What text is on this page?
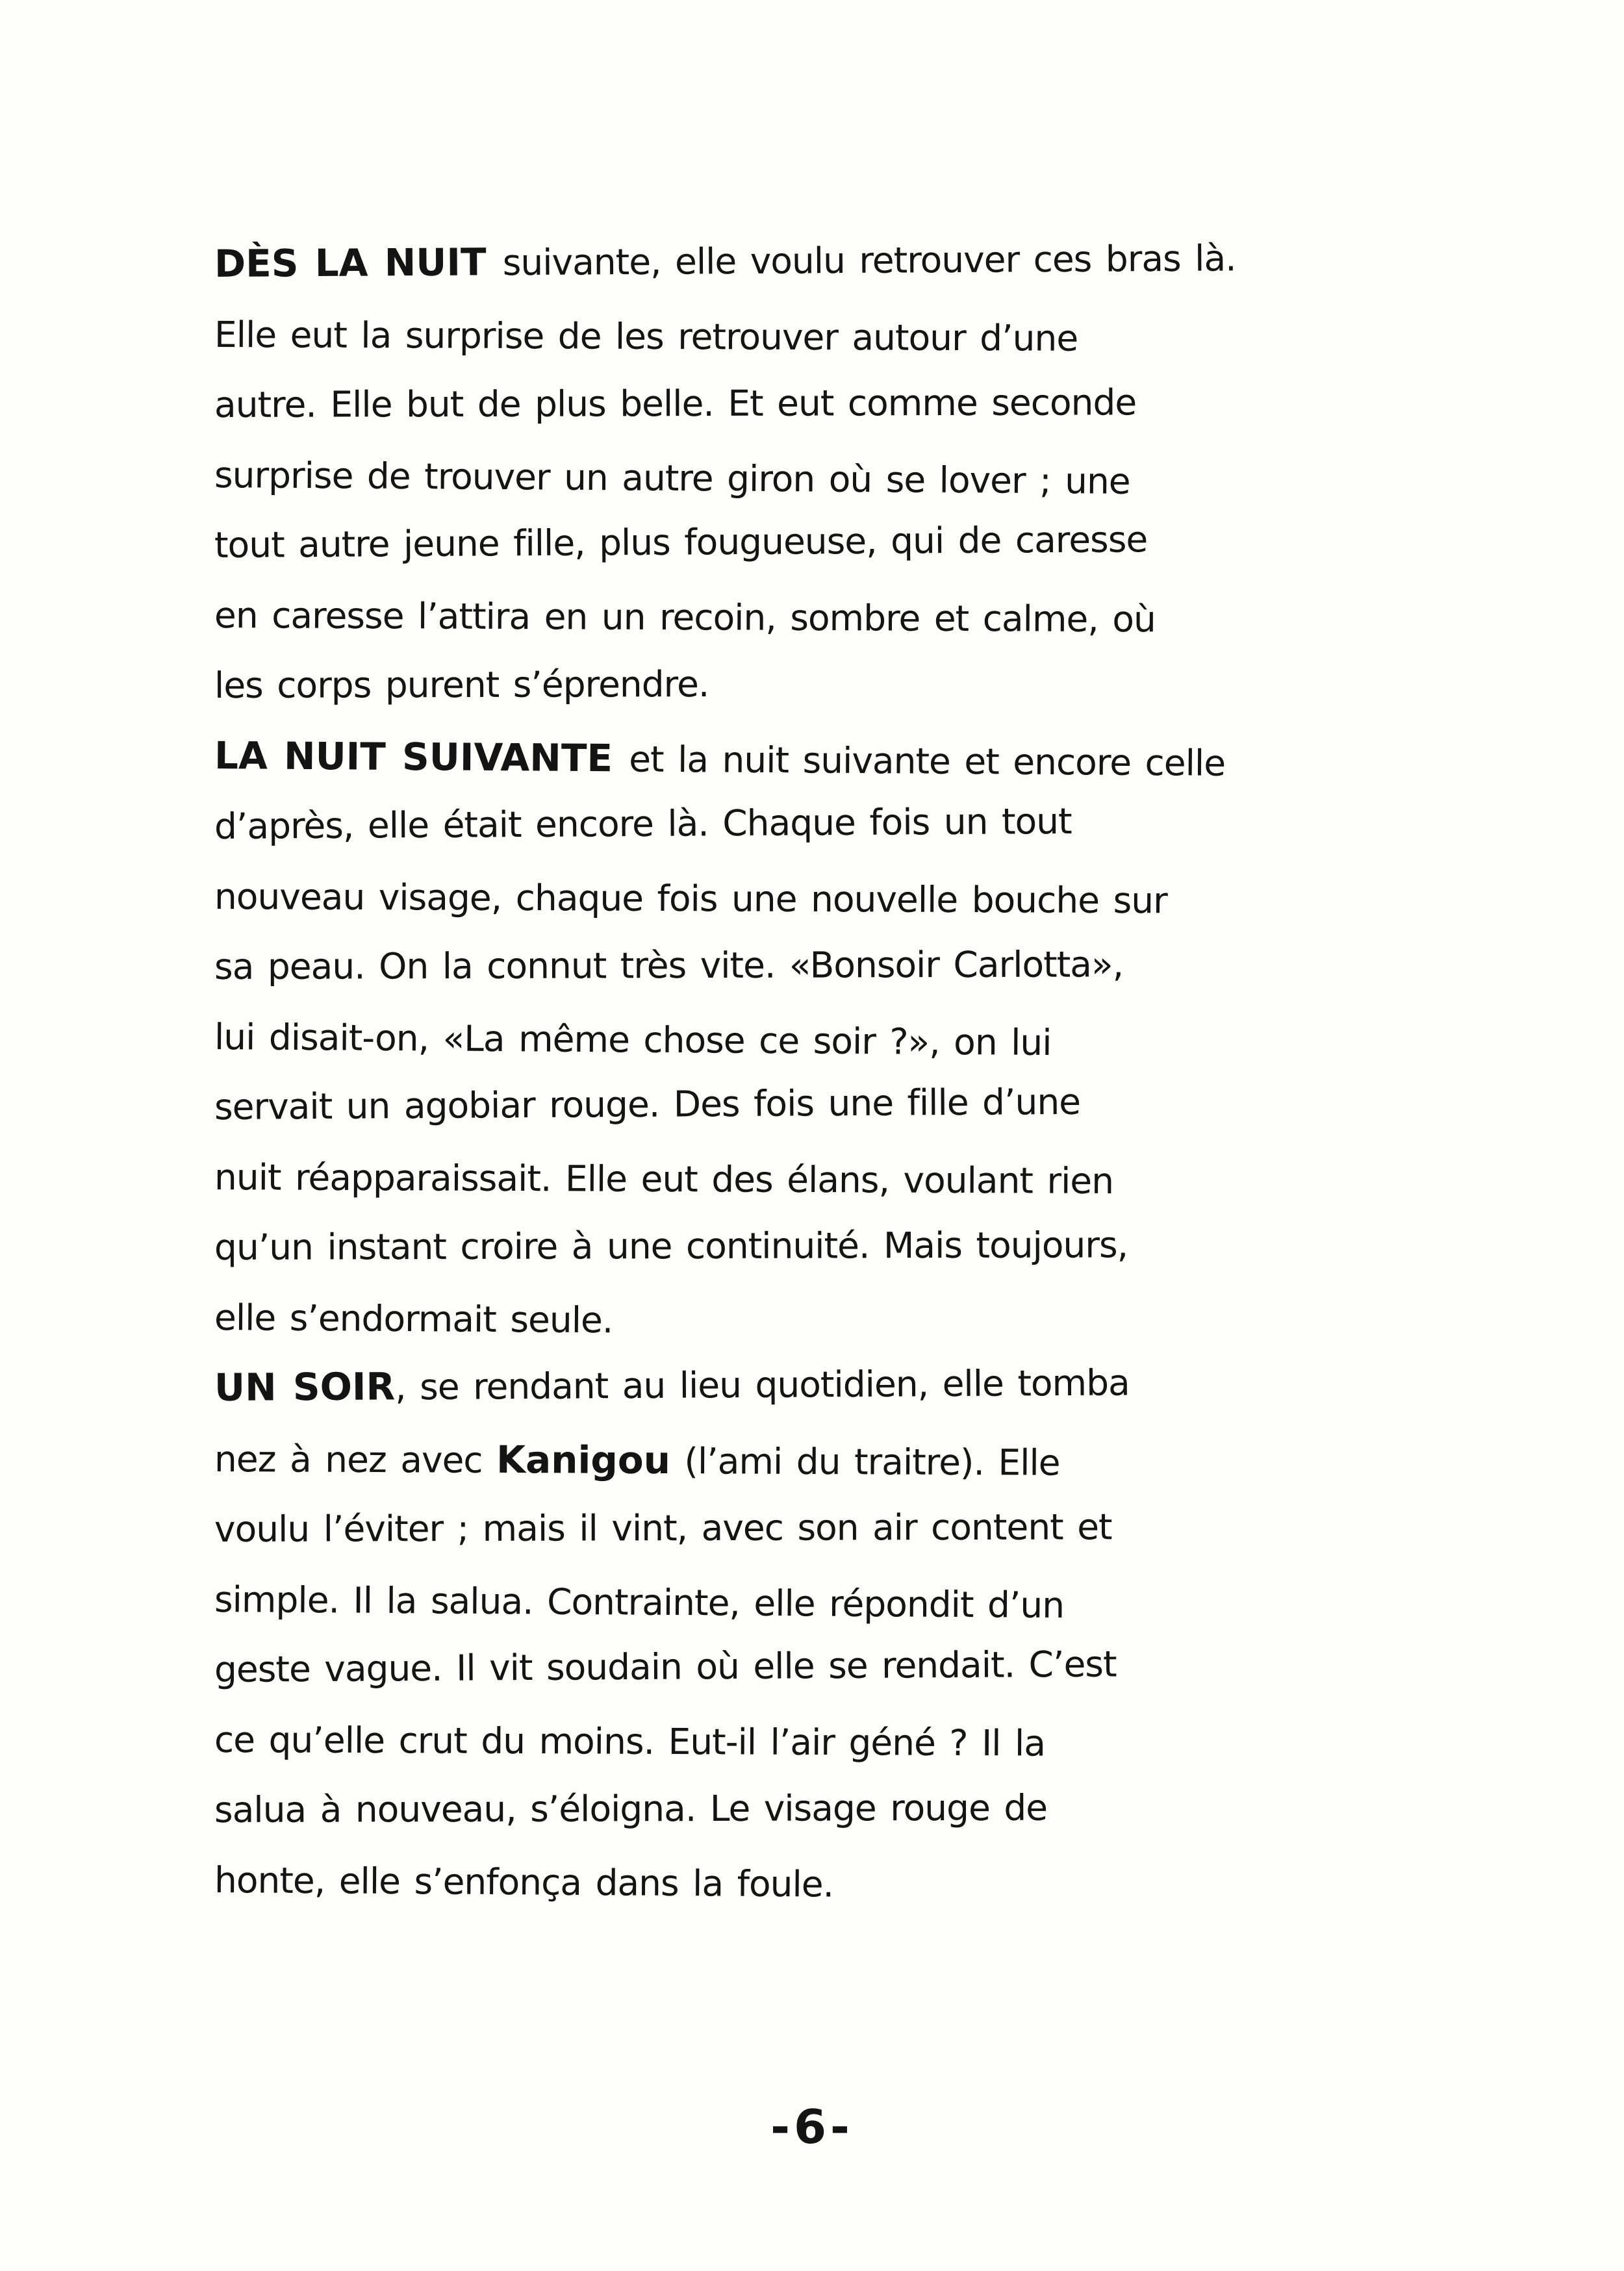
DÈS LA NUIT suivante, elle voulu retrouver ces bras là.
Elle eut la surprise de les retrouver autour d’une
autre. Elle but de plus belle. Et eut comme seconde
surprise de trouver un autre giron où se lover ; une
tout autre jeune fille, plus fougueuse, qui de caresse
en caresse l’attira en un recoin, sombre et calme, où
les corps purent s’éprendre.
LA NUIT SUIVANTE et la nuit suivante et encore celle
d’après, elle était encore là. Chaque fois un tout
nouveau visage, chaque fois une nouvelle bouche sur
sa peau. On la connut très vite. «Bonsoir Carlotta»,
lui disait-on, «La même chose ce soir ?», on lui
servait un agobiar rouge. Des fois une fille d’une
nuit réapparaissait. Elle eut des élans, voulant rien
qu’un instant croire à une continuité. Mais toujours,
elle s’endormait seule.
UN SOIR, se rendant au lieu quotidien, elle tomba
nez à nez avec Kanigou (l’ami du traitre). Elle
voulu l’éviter ; mais il vint, avec son air content et
simple. Il la salua. Contrainte, elle répondit d’un
geste vague. Il vit soudain où elle se rendait. C’est
ce qu’elle crut du moins. Eut-il l’air géné ? Il la
salua à nouveau, s’éloigna. Le visage rouge de
honte, elle s’enfonça dans la foule.
-6-
